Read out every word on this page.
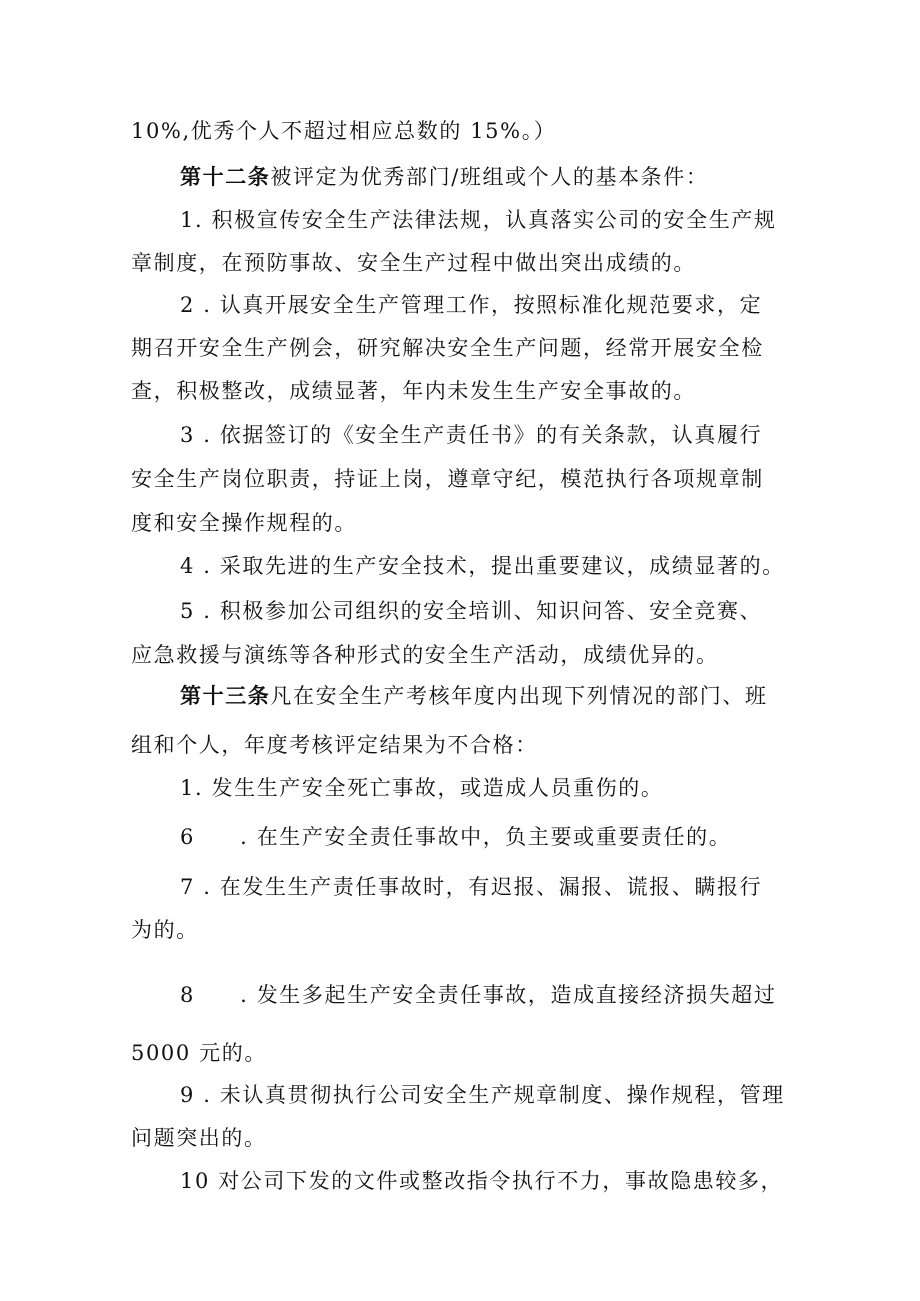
10%,优秀个人不超过相应总数的 15%。）
第十二条被评定为优秀部门/班组或个人的基本条件：
1. 积极宣传安全生产法律法规，认真落实公司的安全生产规
章制度，在预防事故、安全生产过程中做出突出成绩的。
2 . 认真开展安全生产管理工作，按照标准化规范要求，定
期召开安全生产例会，研究解决安全生产问题，经常开展安全检
查，积极整改，成绩显著，年内未发生生产安全事故的。
3 . 依据签订的《安全生产责任书》的有关条款，认真履行
安全生产岗位职责，持证上岗，遵章守纪，模范执行各项规章制
度和安全操作规程的。
4 . 采取先进的生产安全技术，提出重要建议，成绩显著的。
5 . 积极参加公司组织的安全培训、知识问答、安全竞赛、
应急救援与演练等各种形式的安全生产活动，成绩优异的。
第十三条凡在安全生产考核年度内出现下列情况的部门、班
组和个人，年度考核评定结果为不合格：
1. 发生生产安全死亡事故，或造成人员重伤的。
6　　. 在生产安全责任事故中，负主要或重要责任的。
7 . 在发生生产责任事故时，有迟报、漏报、谎报、瞒报行
为的。
8　　. 发生多起生产安全责任事故，造成直接经济损失超过
5000 元的。
9 . 未认真贯彻执行公司安全生产规章制度、操作规程，管理
问题突出的。
10 对公司下发的文件或整改指令执行不力，事故隐患较多，
